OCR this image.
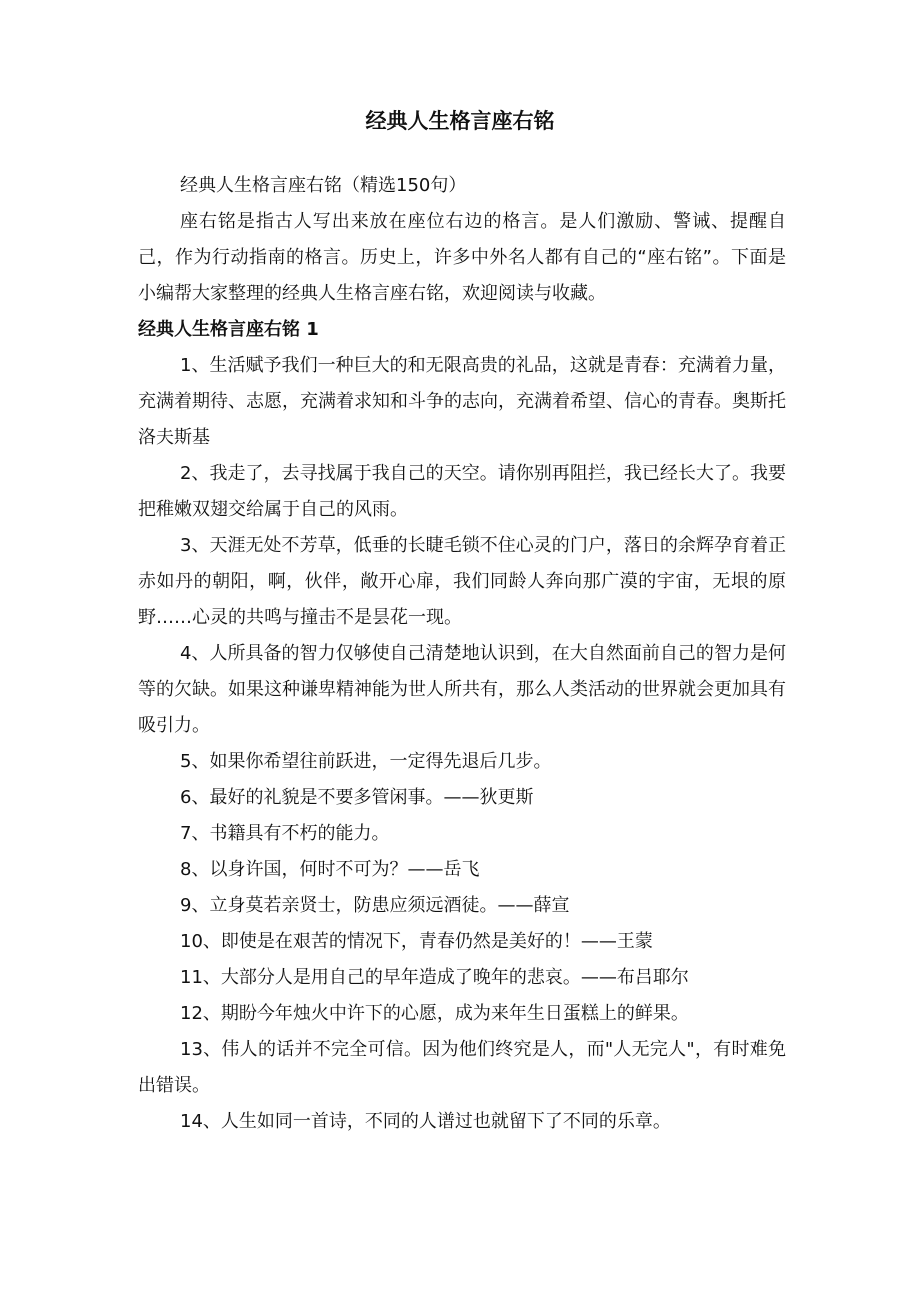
经典人生格言座右铭

经典人生格言座右铭（精选150句）

座右铭是指古人写出来放在座位右边的格言。是人们激励、警诫、提醒自己，作为行动指南的格言。历史上，许多中外名人都有自己的“座右铭”。下面是小编帮大家整理的经典人生格言座右铭，欢迎阅读与收藏。

经典人生格言座右铭 1

1、生活赋予我们一种巨大的和无限高贵的礼品，这就是青春：充满着力量，充满着期待、志愿，充满着求知和斗争的志向，充满着希望、信心的青春。奥斯托洛夫斯基

2、我走了，去寻找属于我自己的天空。请你别再阻拦，我已经长大了。我要把稚嫩双翅交给属于自己的风雨。

3、天涯无处不芳草，低垂的长睫毛锁不住心灵的门户，落日的余辉孕育着正赤如丹的朝阳，啊，伙伴，敞开心扉，我们同龄人奔向那广漠的宇宙，无垠的原野……心灵的共鸣与撞击不是昙花一现。

4、人所具备的智力仅够使自己清楚地认识到，在大自然面前自己的智力是何等的欠缺。如果这种谦卑精神能为世人所共有，那么人类活动的世界就会更加具有吸引力。

5、如果你希望往前跃进，一定得先退后几步。

6、最好的礼貌是不要多管闲事。——狄更斯

7、书籍具有不朽的能力。

8、以身许国，何时不可为？——岳飞

9、立身莫若亲贤士，防患应须远酒徒。——薛宣

10、即使是在艰苦的情况下，青春仍然是美好的！——王蒙

11、大部分人是用自己的早年造成了晚年的悲哀。——布吕耶尔

12、期盼今年烛火中许下的心愿，成为来年生日蛋糕上的鲜果。

13、伟人的话并不完全可信。因为他们终究是人，而"人无完人"，有时难免出错误。

14、人生如同一首诗，不同的人谱过也就留下了不同的乐章。
